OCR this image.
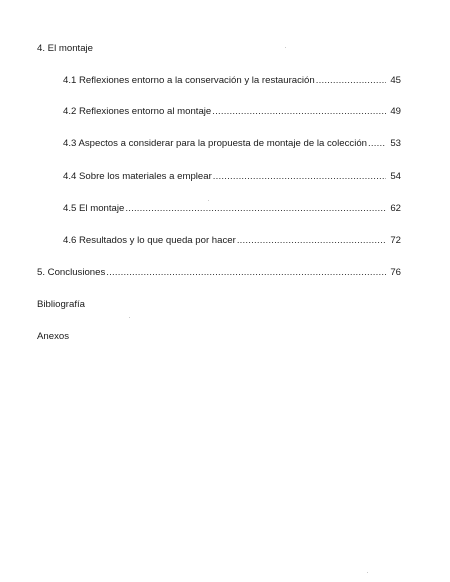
4. El montaje
4.1 Reflexiones entorno a la conservación y la restauración .....	45
4.2 Reflexiones entorno al montaje .....	49
4.3 Aspectos a considerar para la propuesta de montaje de la colección .....	53
4.4 Sobre los materiales a emplear .....	54
4.5 El montaje .....	62
4.6 Resultados y lo que queda por hacer .....	72
5. Conclusiones .....	76
Bibliografía
Anexos
